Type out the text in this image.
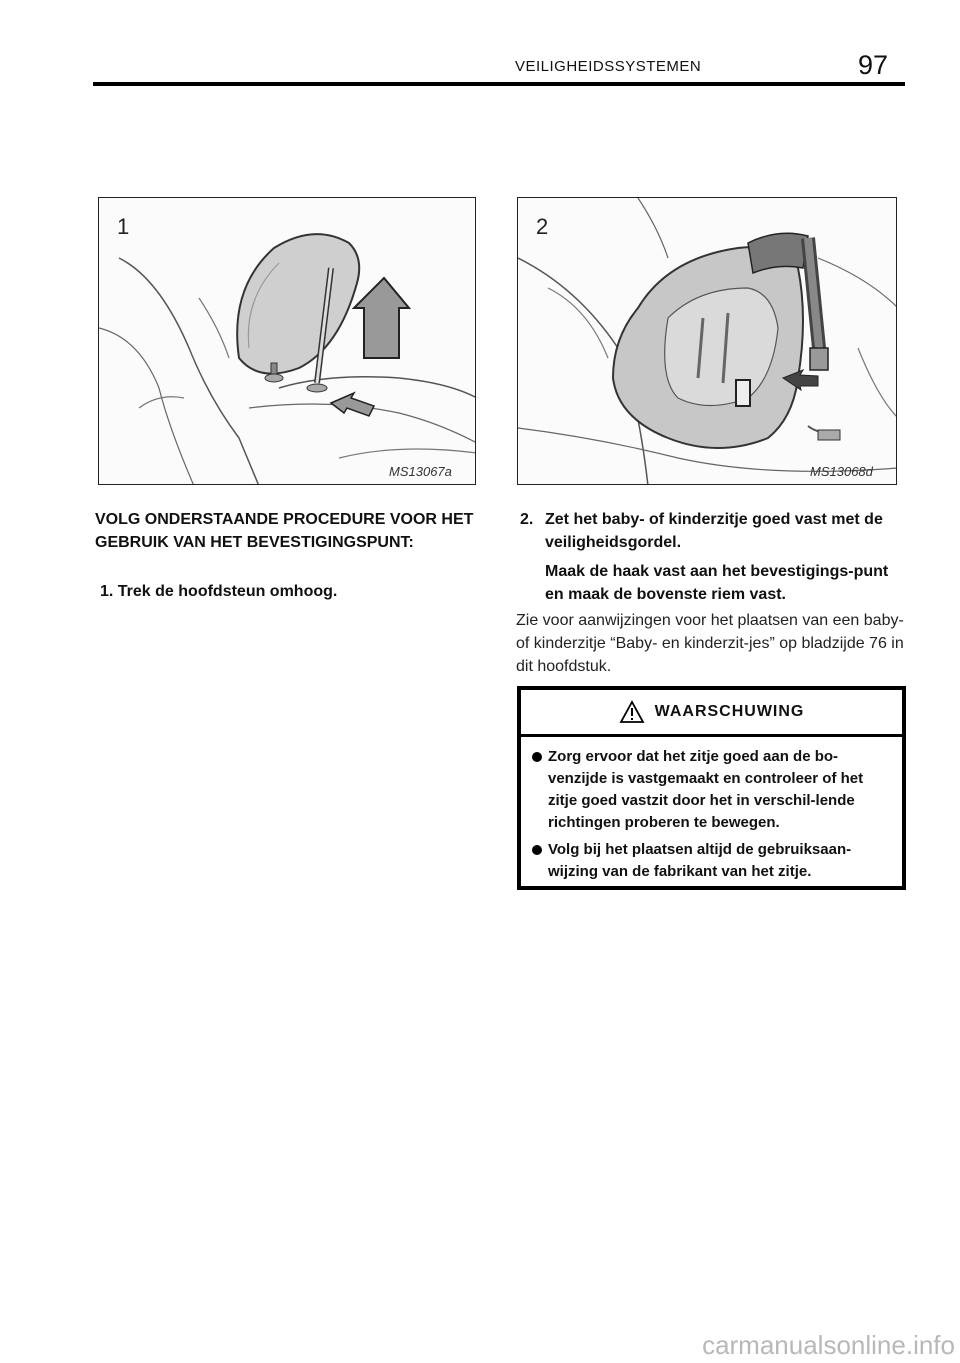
VEILIGHEIDSSYSTEMEN	97
1
MS13067a
2
MS13068d
VOLG ONDERSTAANDE PROCEDURE VOOR HET GEBRUIK VAN HET BEVESTIGINGSPUNT:
1. Trek de hoofdsteun omhoog.
2. Zet het baby- of kinderzitje goed vast met de veiligheidsgordel.
Maak de haak vast aan het bevestigings-punt en maak de bovenste riem vast.
Zie voor aanwijzingen voor het plaatsen van een baby- of kinderzitje “Baby- en kinderzit-jes” op bladzijde 76 in dit hoofdstuk.
WAARSCHUWING
Zorg ervoor dat het zitje goed aan de bo-venzijde is vastgemaakt en controleer of het zitje goed vastzit door het in verschil-lende richtingen proberen te bewegen.
Volg bij het plaatsen altijd de gebruiksaan-wijzing van de fabrikant van het zitje.
carmanualsonline.info
